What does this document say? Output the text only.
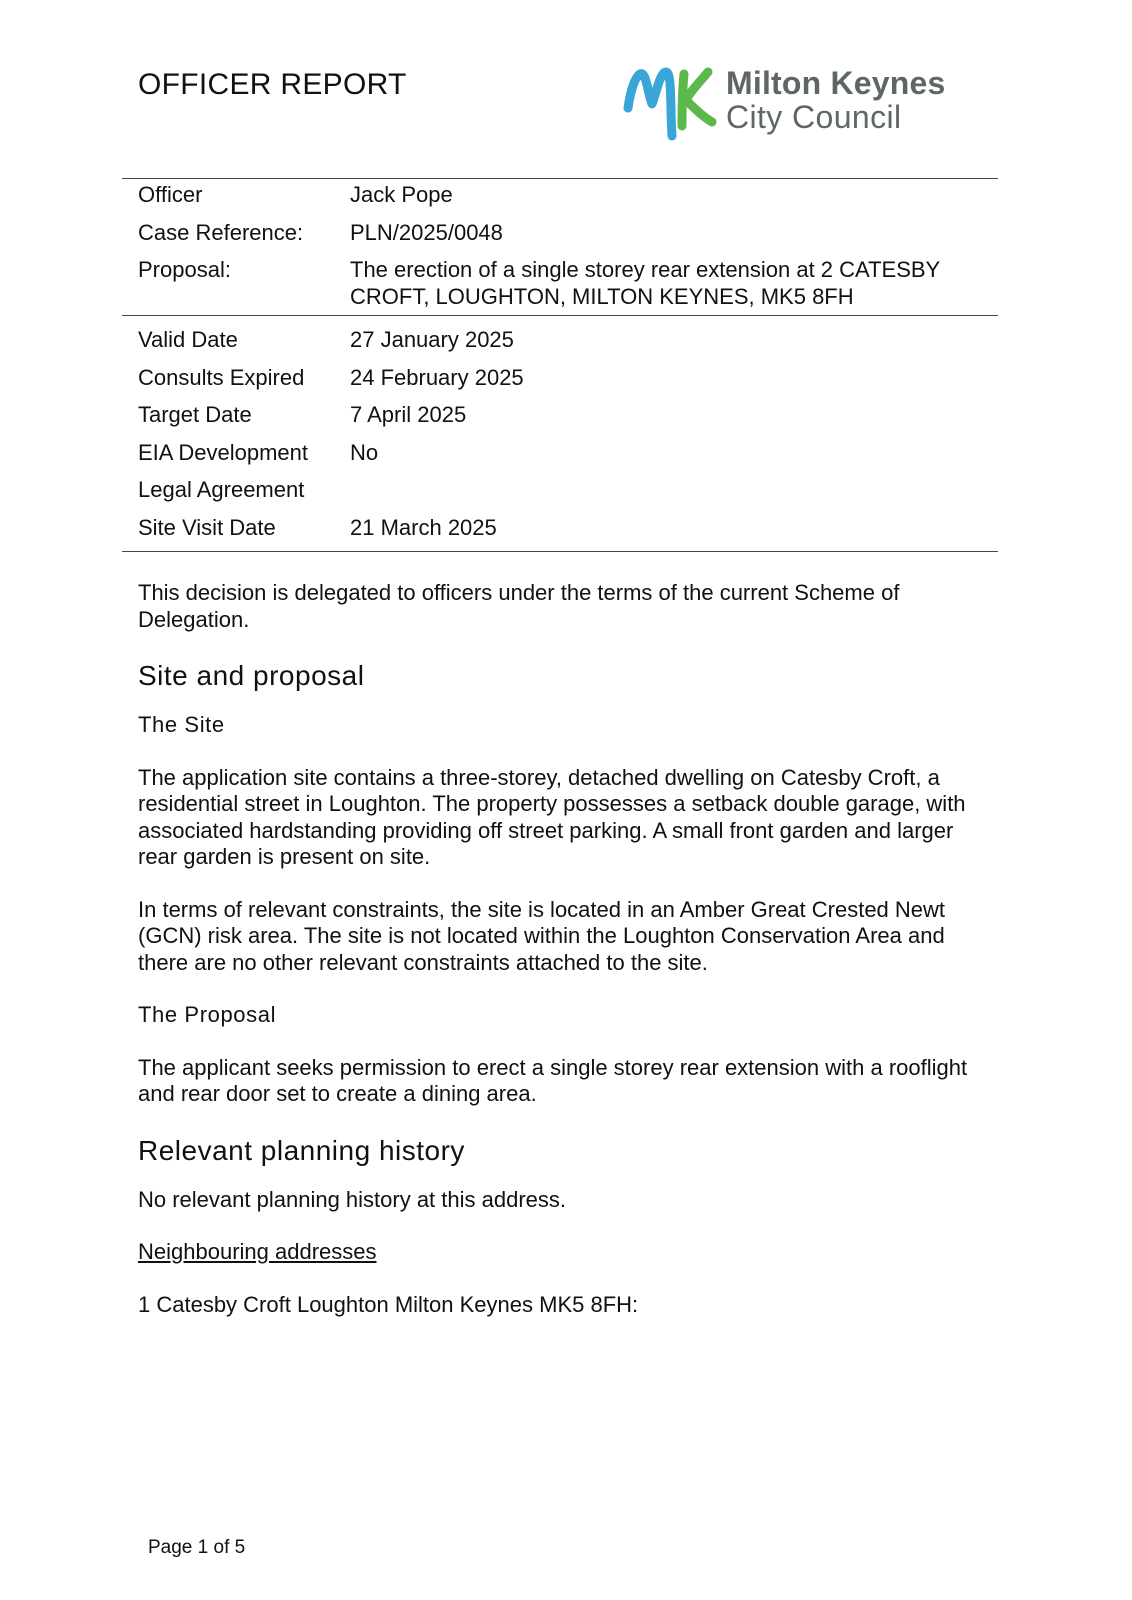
OFFICER REPORT	Milton Keynes
City Council
Officer	Jack Pope
Case Reference:	PLN/2025/0048
Proposal:	The erection of a single storey rear extension at 2 CATESBY CROFT, LOUGHTON, MILTON KEYNES, MK5 8FH
Valid Date	27 January 2025
Consults Expired	24 February 2025
Target Date	7 April 2025
EIA Development	No
Legal Agreement	
Site Visit Date	21 March 2025

This decision is delegated to officers under the terms of the current Scheme of Delegation.

Site and proposal
The Site

The application site contains a three-storey, detached dwelling on Catesby Croft, a residential street in Loughton. The property possesses a setback double garage, with associated hardstanding providing off street parking. A small front garden and larger rear garden is present on site.

In terms of relevant constraints, the site is located in an Amber Great Crested Newt (GCN) risk area. The site is not located within the Loughton Conservation Area and there are no other relevant constraints attached to the site.

The Proposal

The applicant seeks permission to erect a single storey rear extension with a rooflight and rear door set to create a dining area.

Relevant planning history

No relevant planning history at this address.

Neighbouring addresses

1 Catesby Croft Loughton Milton Keynes MK5 8FH:

Page 1 of 5
